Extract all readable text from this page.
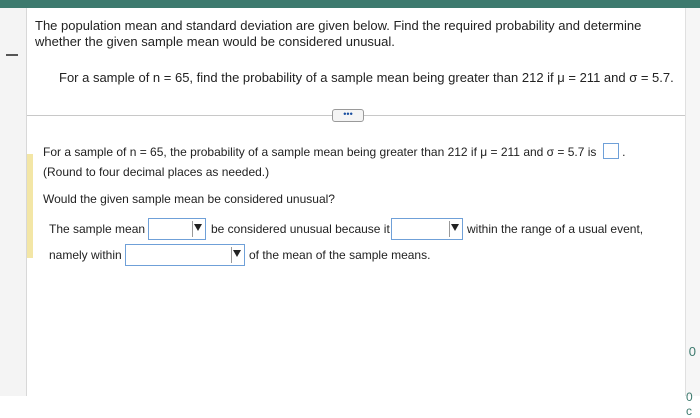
0
0 c
The population mean and standard deviation are given below. Find the required probability and determine whether the given sample mean would be considered unusual.
For a sample of n = 65, find the probability of a sample mean being greater than 212 if μ = 211 and σ = 5.7.
•••
For a sample of n = 65, the probability of a sample mean being greater than 212 if μ = 211 and σ = 5.7 is .
(Round to four decimal places as needed.)
Would the given sample mean be considered unusual?
The sample mean	be considered unusual because it	within the range of a usual event,
namely within	of the mean of the sample means.
